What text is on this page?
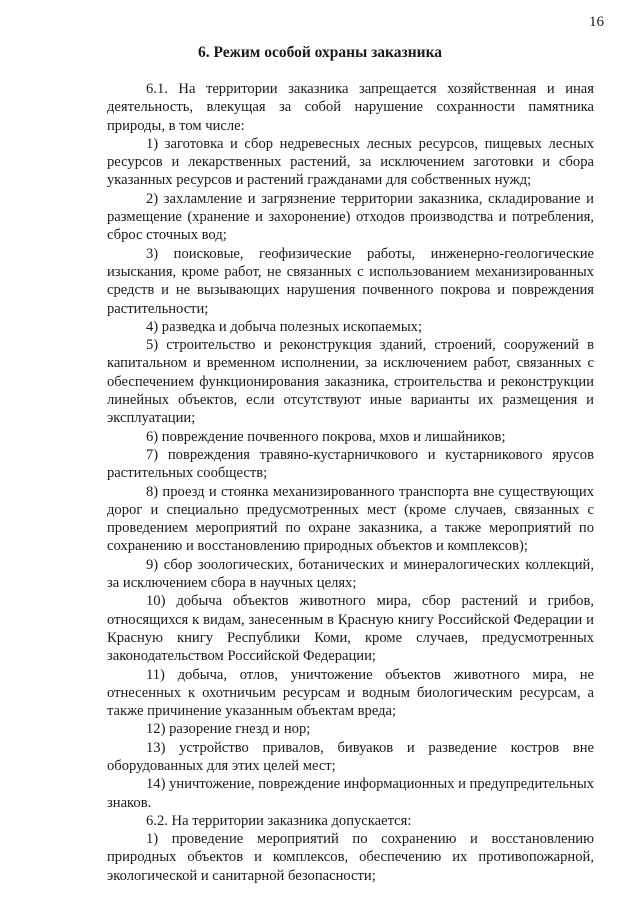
16
6. Режим особой охраны заказника

6.1. На территории заказника запрещается хозяйственная и иная деятельность, влекущая за собой нарушение сохранности памятника природы, в том числе:

1) заготовка и сбор недревесных лесных ресурсов, пищевых лесных ресурсов и лекарственных растений, за исключением заготовки и сбора указанных ресурсов и растений гражданами для собственных нужд;

2) захламление и загрязнение территории заказника, складирование и размещение (хранение и захоронение) отходов производства и потребления, сброс сточных вод;

3) поисковые, геофизические работы, инженерно-геологические изыскания, кроме работ, не связанных с использованием механизированных средств и не вызывающих нарушения почвенного покрова и повреждения растительности;

4) разведка и добыча полезных ископаемых;

5) строительство и реконструкция зданий, строений, сооружений в капитальном и временном исполнении, за исключением работ, связанных с обеспечением функционирования заказника, строительства и реконструкции линейных объектов, если отсутствуют иные варианты их размещения и эксплуатации;

6) повреждение почвенного покрова, мхов и лишайников;

7) повреждения травяно-кустарничкового и кустарникового ярусов растительных сообществ;

8) проезд и стоянка механизированного транспорта вне существующих дорог и специально предусмотренных мест (кроме случаев, связанных с проведением мероприятий по охране заказника, а также мероприятий по сохранению и восстановлению природных объектов и комплексов);

9) сбор зоологических, ботанических и минералогических коллекций, за исключением сбора в научных целях;

10) добыча объектов животного мира, сбор растений и грибов, относящихся к видам, занесенным в Красную книгу Российской Федерации и Красную книгу Республики Коми, кроме случаев, предусмотренных законодательством Российской Федерации;

11) добыча, отлов, уничтожение объектов животного мира, не отнесенных к охотничьим ресурсам и водным биологическим ресурсам, а также причинение указанным объектам вреда;

12) разорение гнезд и нор;

13) устройство привалов, бивуаков и разведение костров вне оборудованных для этих целей мест;

14) уничтожение, повреждение информационных и предупредительных знаков.

6.2. На территории заказника допускается:

1) проведение мероприятий по сохранению и восстановлению природных объектов и комплексов, обеспечению их противопожарной, экологической и санитарной безопасности;
